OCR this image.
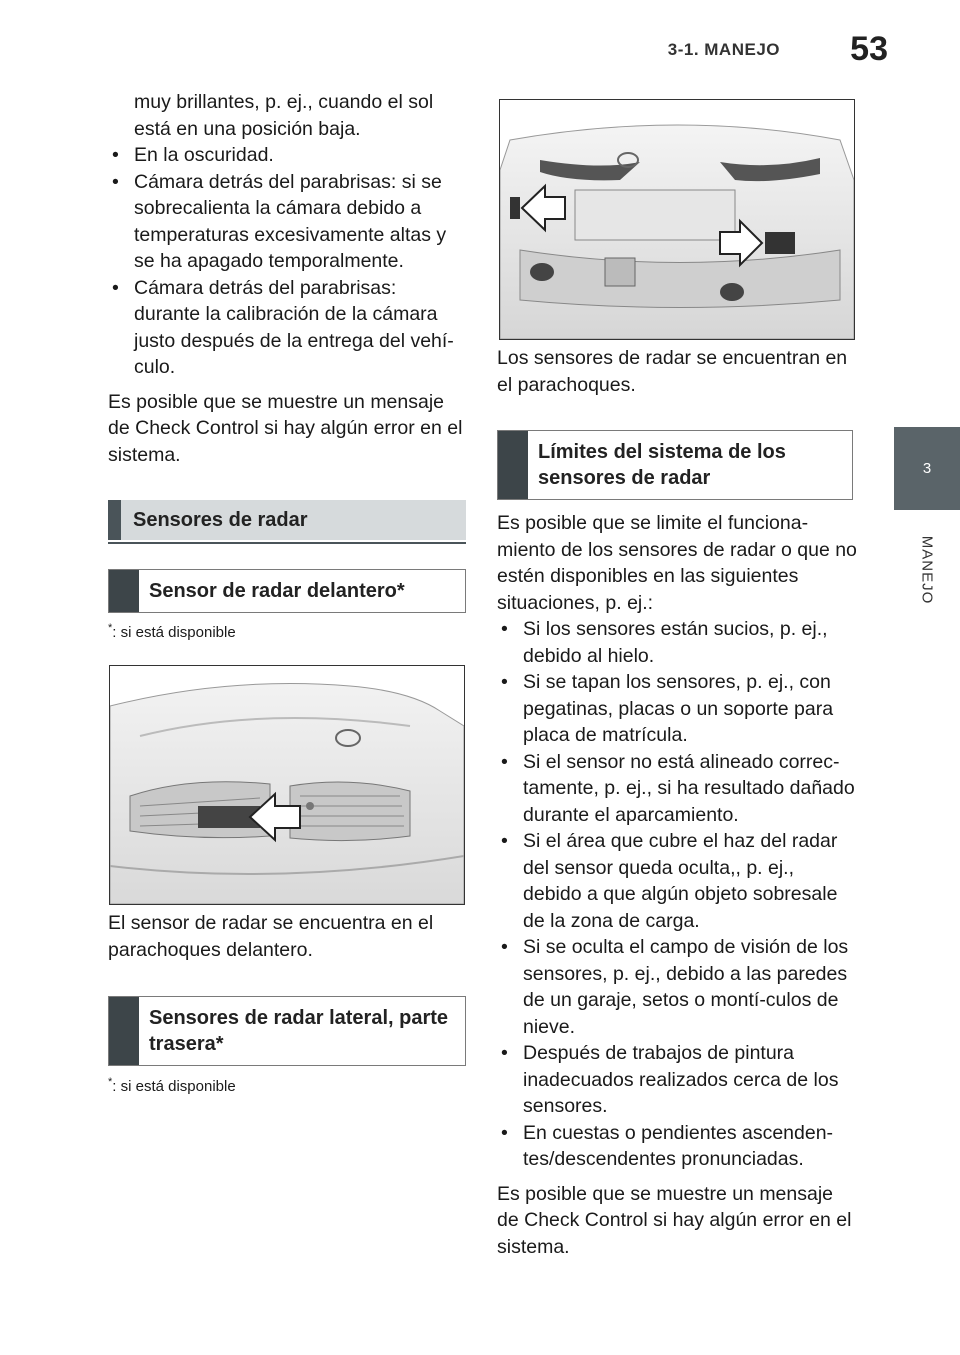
3-1. MANEJO 53
3
MANEJO

muy brillantes, p. ej., cuando el sol

está en una posición baja.

• En la oscuridad.
• Cámara detrás del parabrisas: si se sobrecalienta la cámara debido a temperaturas excesivamente altas y se ha apagado temporalmente.
• Cámara detrás del parabrisas: durante la calibración de la cámara justo después de la entrega del vehí-culo.

Es posible que se muestre un mensaje de Check Control si hay algún error en el sistema.

Sensores de radar
Sensor de radar delantero*
*: si está disponible

El sensor de radar se encuentra en el parachoques delantero.

Sensores de radar lateral, parte trasera*
*: si está disponible

Los sensores de radar se encuentran en el parachoques.

Límites del sistema de los sensores de radar

Es posible que se limite el funciona-miento de los sensores de radar o que no estén disponibles en las siguientes situaciones, p. ej.:

• Si los sensores están sucios, p. ej., debido al hielo.
• Si se tapan los sensores, p. ej., con pegatinas, placas o un soporte para placa de matrícula.
• Si el sensor no está alineado correc-tamente, p. ej., si ha resultado dañado durante el aparcamiento.
• Si el área que cubre el haz del radar del sensor queda oculta,, p. ej., debido a que algún objeto sobresale de la zona de carga.
• Si se oculta el campo de visión de los sensores, p. ej., debido a las paredes de un garaje, setos o montí-culos de nieve.
• Después de trabajos de pintura inadecuados realizados cerca de los sensores.
• En cuestas o pendientes ascenden-tes/descendentes pronunciadas.

Es posible que se muestre un mensaje de Check Control si hay algún error en el sistema.
